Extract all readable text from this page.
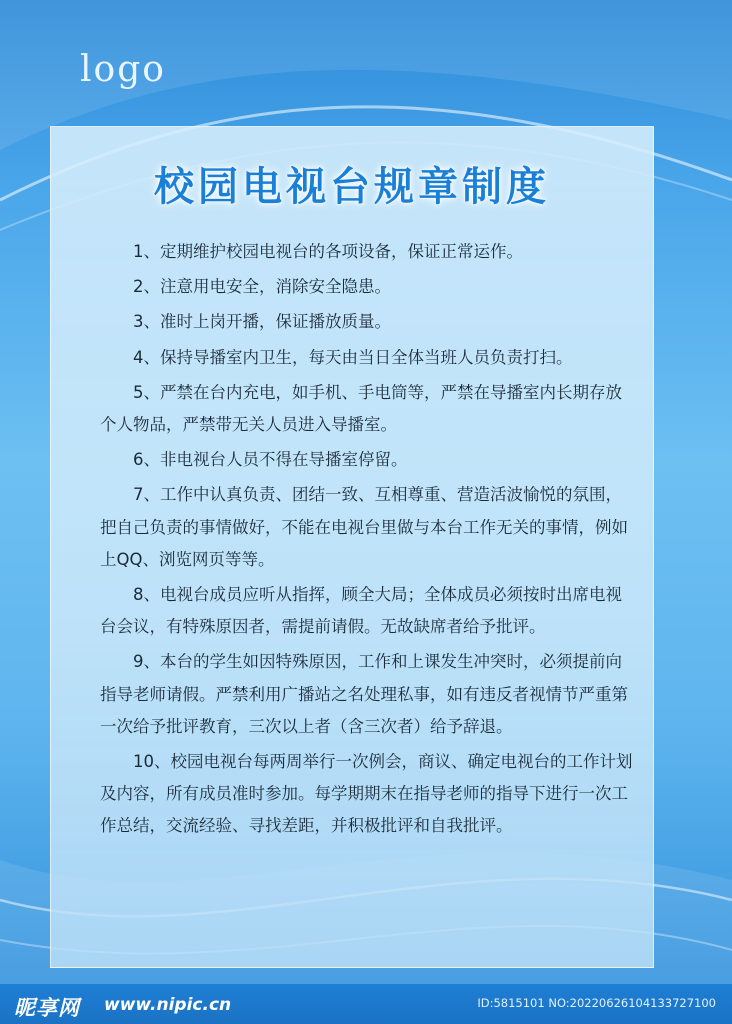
logo
校园电视台规章制度

1、定期维护校园电视台的各项设备，保证正常运作。

2、注意用电安全，消除安全隐患。

3、准时上岗开播，保证播放质量。

4、保持导播室内卫生，每天由当日全体当班人员负责打扫。

5、严禁在台内充电，如手机、手电筒等，严禁在导播室内长期存放个人物品，严禁带无关人员进入导播室。

6、非电视台人员不得在导播室停留。

7、工作中认真负责、团结一致、互相尊重、营造活波愉悦的氛围，把自己负责的事情做好，不能在电视台里做与本台工作无关的事情，例如上QQ、浏览网页等等。

8、电视台成员应听从指挥，顾全大局；全体成员必须按时出席电视台会议，有特殊原因者，需提前请假。无故缺席者给予批评。

9、本台的学生如因特殊原因，工作和上课发生冲突时，必须提前向指导老师请假。严禁利用广播站之名处理私事，如有违反者视情节严重第一次给予批评教育，三次以上者（含三次者）给予辞退。

10、校园电视台每两周举行一次例会，商议、确定电视台的工作计划及内容，所有成员准时参加。每学期期末在指导老师的指导下进行一次工作总结，交流经验、寻找差距，并积极批评和自我批评。

昵享网 www.nipic.cn	ID:5815101 NO:20220626104133727100
